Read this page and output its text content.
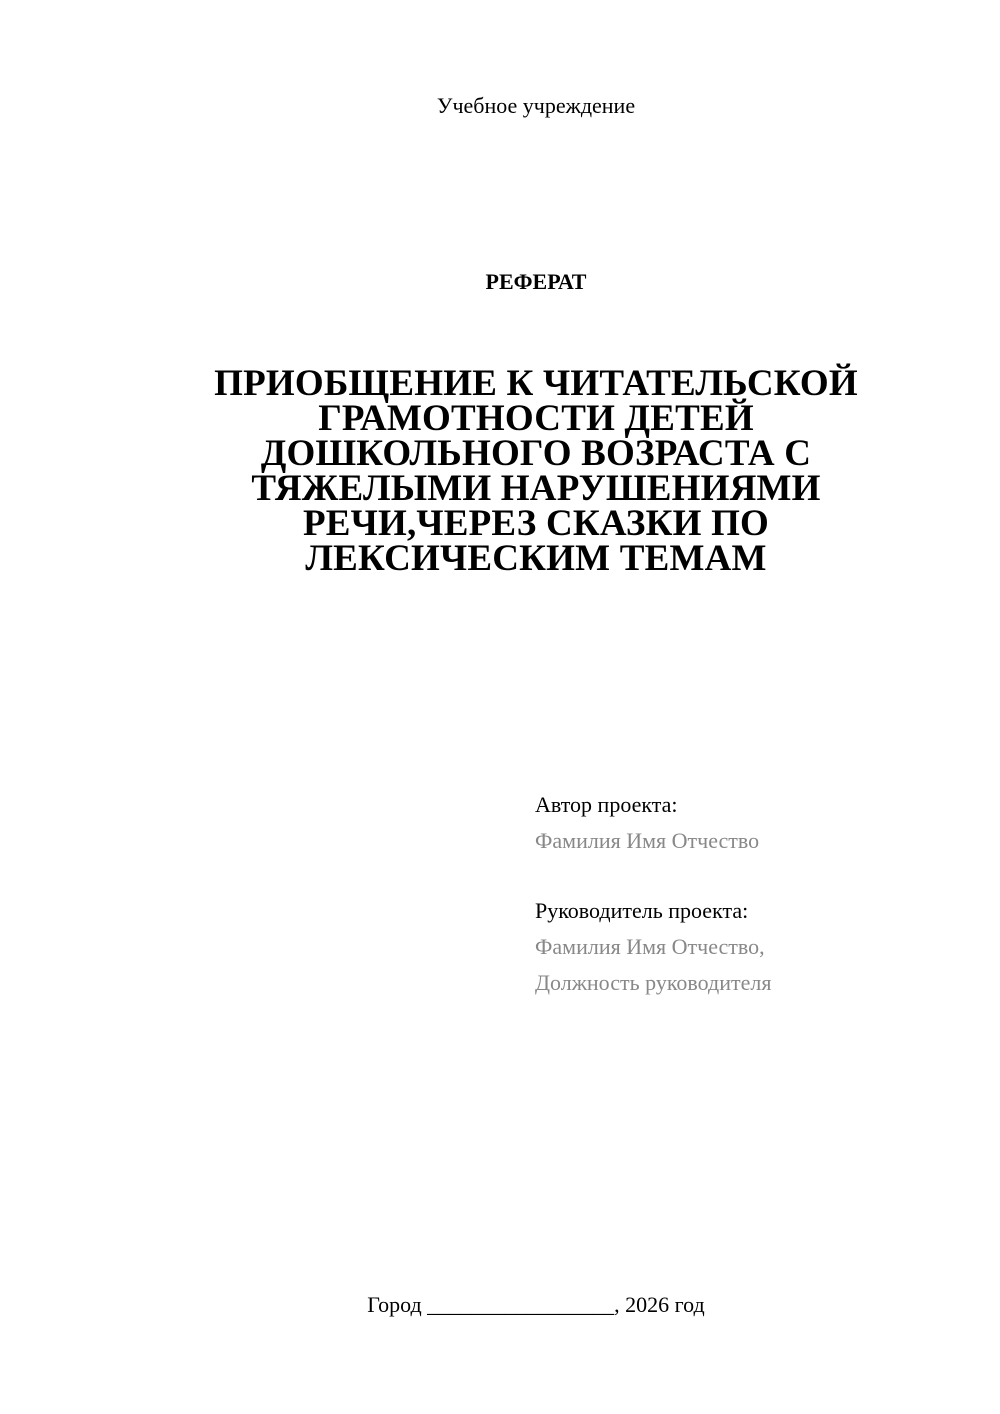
Учебное учреждение
РЕФЕРАТ
ПРИОБЩЕНИЕ К ЧИТАТЕЛЬСКОЙ
ГРАМОТНОСТИ ДЕТЕЙ
ДОШКОЛЬНОГО ВОЗРАСТА С
ТЯЖЕЛЫМИ НАРУШЕНИЯМИ
РЕЧИ,ЧЕРЕЗ СКАЗКИ ПО
ЛЕКСИЧЕСКИМ ТЕМАМ
Автор проекта:
Фамилия Имя Отчество
Руководитель проекта:
Фамилия Имя Отчество,
Должность руководителя
Город _________________, 2026 год
